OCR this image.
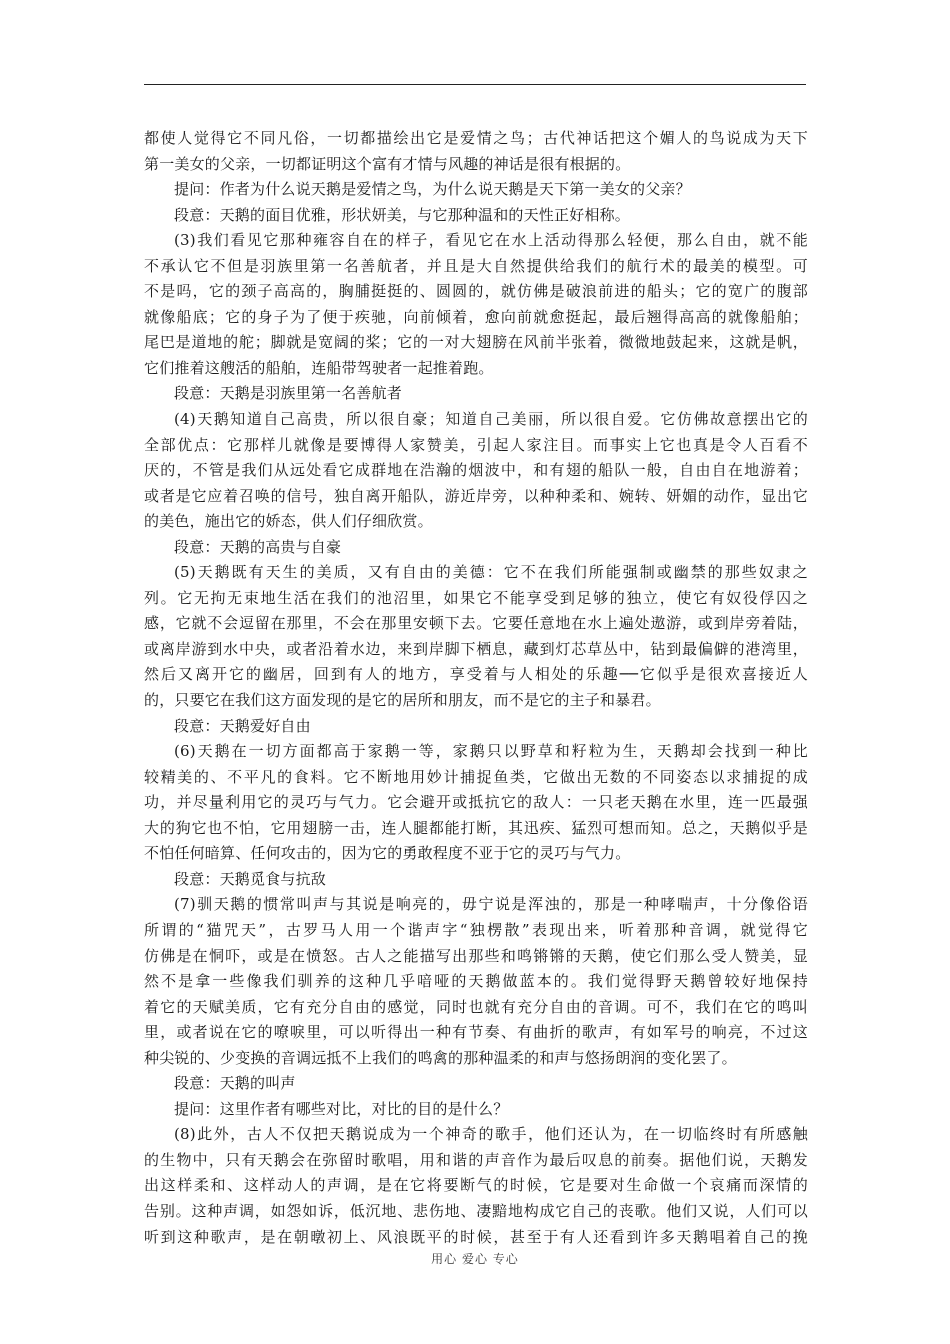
都使人觉得它不同凡俗，一切都描绘出它是爱情之鸟；古代神话把这个媚人的鸟说成为天下
第一美女的父亲，一切都证明这个富有才情与风趣的神话是很有根据的。
提问：作者为什么说天鹅是爱情之鸟，为什么说天鹅是天下第一美女的父亲？
段意：天鹅的面目优雅，形状妍美，与它那种温和的天性正好相称。
(3)我们看见它那种雍容自在的样子，看见它在水上活动得那么轻便，那么自由，就不能
不承认它不但是羽族里第一名善航者，并且是大自然提供给我们的航行术的最美的模型。可
不是吗，它的颈子高高的，胸脯挺挺的、圆圆的，就仿佛是破浪前进的船头；它的宽广的腹部
就像船底；它的身子为了便于疾驰，向前倾着，愈向前就愈挺起，最后翘得高高的就像船舶；
尾巴是道地的舵；脚就是宽阔的桨；它的一对大翅膀在风前半张着，微微地鼓起来，这就是帆，
它们推着这艘活的船舶，连船带驾驶者一起推着跑。
段意：天鹅是羽族里第一名善航者
(4)天鹅知道自己高贵，所以很自豪；知道自己美丽，所以很自爱。它仿佛故意摆出它的
全部优点：它那样儿就像是要博得人家赞美，引起人家注目。而事实上它也真是令人百看不
厌的，不管是我们从远处看它成群地在浩瀚的烟波中，和有翅的船队一般，自由自在地游着；
或者是它应着召唤的信号，独自离开船队，游近岸旁，以种种柔和、婉转、妍媚的动作，显出它
的美色，施出它的娇态，供人们仔细欣赏。
段意：天鹅的高贵与自豪
(5)天鹅既有天生的美质，又有自由的美德：它不在我们所能强制或幽禁的那些奴隶之
列。它无拘无束地生活在我们的池沼里，如果它不能享受到足够的独立，使它有奴役俘囚之
感，它就不会逗留在那里，不会在那里安顿下去。它要任意地在水上遍处遨游，或到岸旁着陆，
或离岸游到水中央，或者沿着水边，来到岸脚下栖息，藏到灯芯草丛中，钻到最偏僻的港湾里，
然后又离开它的幽居，回到有人的地方，享受着与人相处的乐趣──它似乎是很欢喜接近人
的，只要它在我们这方面发现的是它的居所和朋友，而不是它的主子和暴君。
段意：天鹅爱好自由
(6)天鹅在一切方面都高于家鹅一等，家鹅只以野草和籽粒为生，天鹅却会找到一种比
较精美的、不平凡的食料。它不断地用妙计捕捉鱼类，它做出无数的不同姿态以求捕捉的成
功，并尽量利用它的灵巧与气力。它会避开或抵抗它的敌人：一只老天鹅在水里，连一匹最强
大的狗它也不怕，它用翅膀一击，连人腿都能打断，其迅疾、猛烈可想而知。总之，天鹅似乎是
不怕任何暗算、任何攻击的，因为它的勇敢程度不亚于它的灵巧与气力。
段意：天鹅觅食与抗敌
(7)驯天鹅的惯常叫声与其说是响亮的，毋宁说是浑浊的，那是一种哮喘声，十分像俗语
所谓的“猫咒天”，古罗马人用一个谐声字“独楞散”表现出来，听着那种音调，就觉得它
仿佛是在恫吓，或是在愤怒。古人之能描写出那些和鸣锵锵的天鹅，使它们那么受人赞美，显
然不是拿一些像我们驯养的这种几乎喑哑的天鹅做蓝本的。我们觉得野天鹅曾较好地保持
着它的天赋美质，它有充分自由的感觉，同时也就有充分自由的音调。可不，我们在它的鸣叫
里，或者说在它的嘹唳里，可以听得出一种有节奏、有曲折的歌声，有如军号的响亮，不过这
种尖锐的、少变换的音调远抵不上我们的鸣禽的那种温柔的和声与悠扬朗润的变化罢了。
段意：天鹅的叫声
提问：这里作者有哪些对比，对比的目的是什么？
(8)此外，古人不仅把天鹅说成为一个神奇的歌手，他们还认为，在一切临终时有所感触
的生物中，只有天鹅会在弥留时歌唱，用和谐的声音作为最后叹息的前奏。据他们说，天鹅发
出这样柔和、这样动人的声调，是在它将要断气的时候，它是要对生命做一个哀痛而深情的
告别。这种声调，如怨如诉，低沉地、悲伤地、凄黯地构成它自己的丧歌。他们又说，人们可以
听到这种歌声，是在朝暾初上、风浪既平的时候，甚至于有人还看到许多天鹅唱着自己的挽
用心 爱心 专心
